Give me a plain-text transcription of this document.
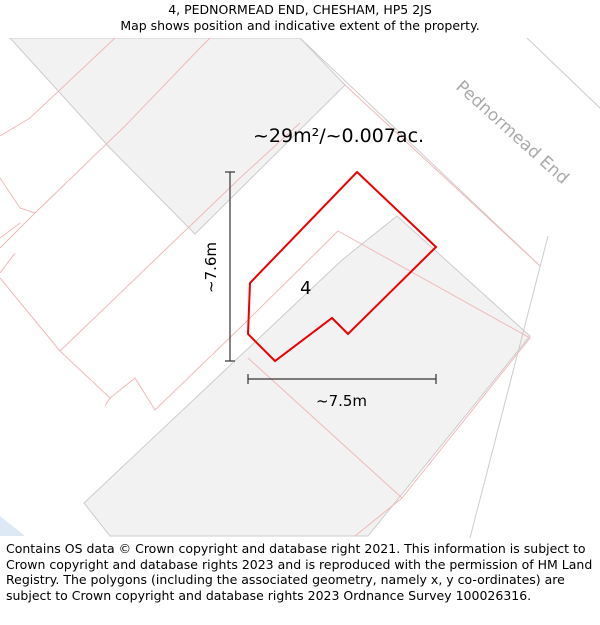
4, PEDNORMEAD END, CHESHAM, HP5 2JS
Map shows position and indicative extent of the property.
Pednormead End
~29m²/~0.007ac.
4
~7.6m
~7.5m
Contains OS data © Crown copyright and database right 2021. This information is subject to Crown copyright and database rights 2023 and is reproduced with the permission of HM Land Registry. The polygons (including the associated geometry, namely x, y co-ordinates) are subject to Crown copyright and database rights 2023 Ordnance Survey 100026316.
